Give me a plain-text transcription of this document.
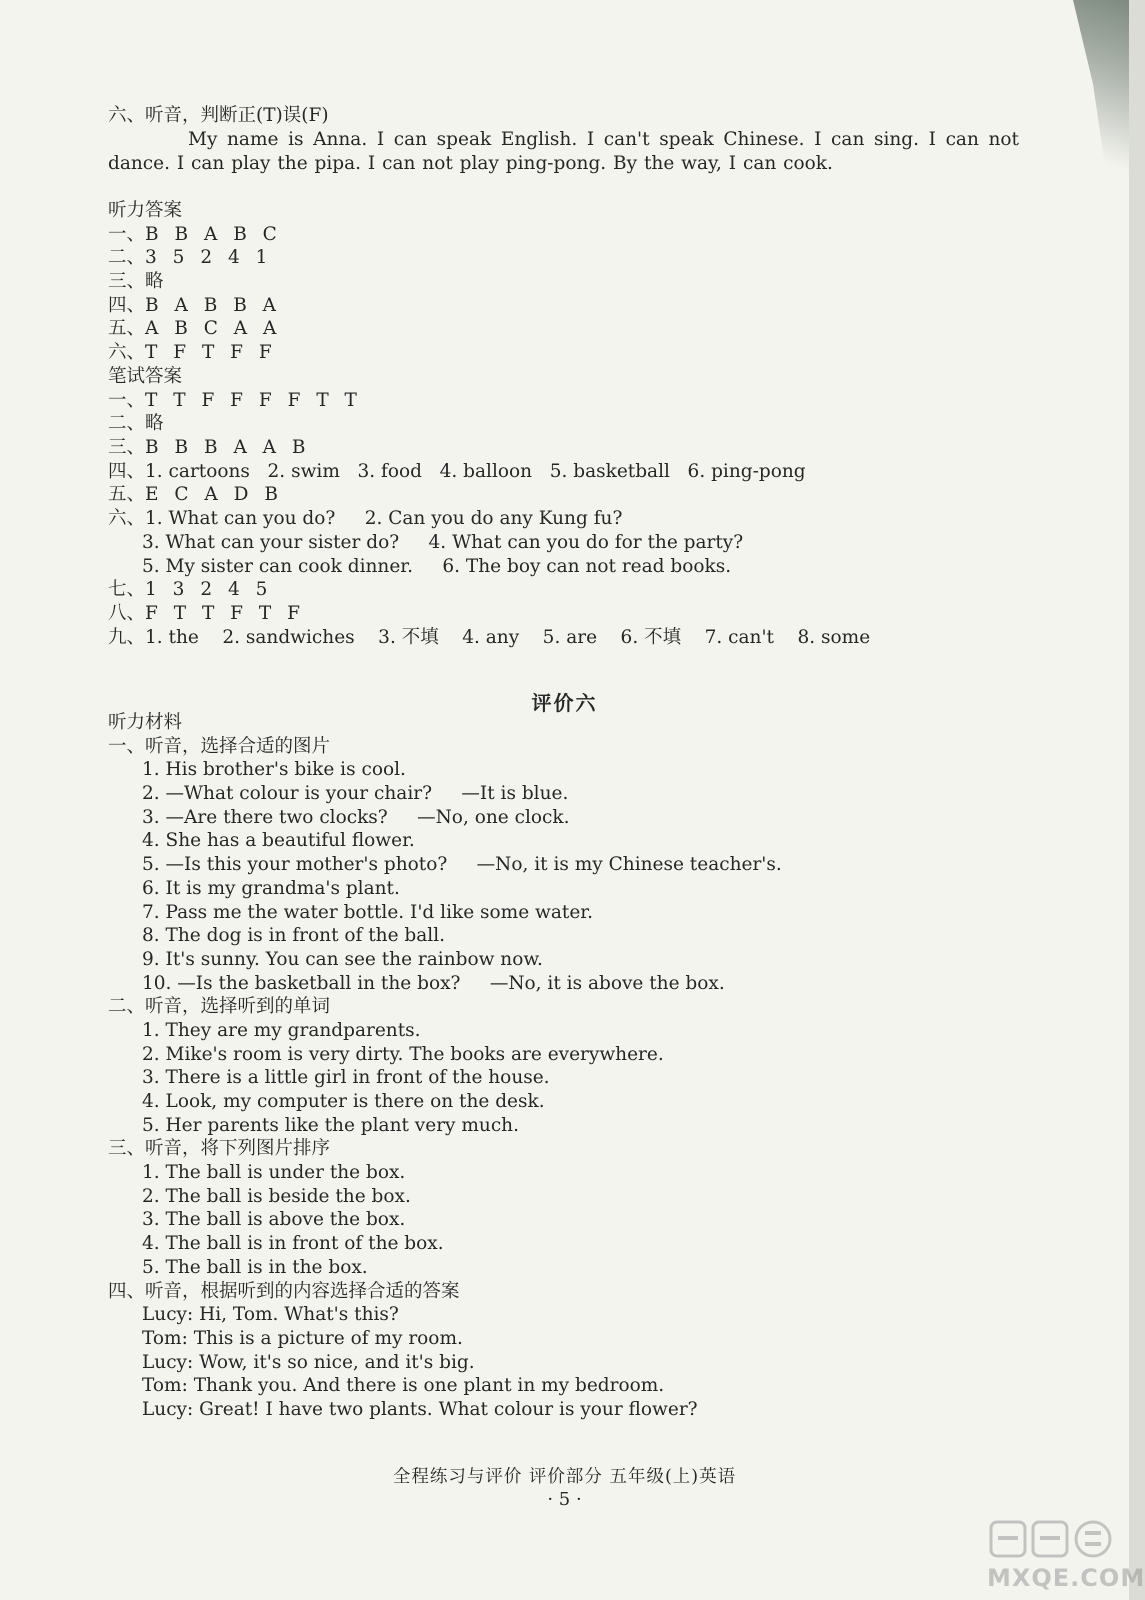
六、听音，判断正(T)误(F)
My name is Anna. I can speak English. I can't speak Chinese. I can sing. I can not dance. I can play the pipa. I can not play ping-pong. By the way, I can cook.
听力答案
一、 B B A B C
二、 3 5 2 4 1
三、 略
四、 B A B B A
五、 A B C A A
六、 T F T F F
笔试答案
一、 T T F F F F T T
二、 略
三、 B B B A A B
四、 1. cartoons   2. swim   3. food   4. balloon   5. basketball   6. ping-pong
五、 E C A D B
六、 1. What can you do?     2. Can you do any Kung fu?
3. What can your sister do?     4. What can you do for the party?
5. My sister can cook dinner.     6. The boy can not read books.
七、 1 3 2 4 5
八、 F T T F T F
九、 1. the    2. sandwiches    3. 不填    4. any    5. are    6. 不填    7. can't    8. some
评价六
听力材料
一、听音，选择合适的图片
1. His brother's bike is cool.
2. —What colour is your chair?     —It is blue.
3. —Are there two clocks?     —No, one clock.
4. She has a beautiful flower.
5. —Is this your mother's photo?     —No, it is my Chinese teacher's.
6. It is my grandma's plant.
7. Pass me the water bottle. I'd like some water.
8. The dog is in front of the ball.
9. It's sunny. You can see the rainbow now.
10. —Is the basketball in the box?     —No, it is above the box.
二、听音，选择听到的单词
1. They are my grandparents.
2. Mike's room is very dirty. The books are everywhere.
3. There is a little girl in front of the house.
4. Look, my computer is there on the desk.
5. Her parents like the plant very much.
三、听音，将下列图片排序
1. The ball is under the box.
2. The ball is beside the box.
3. The ball is above the box.
4. The ball is in front of the box.
5. The ball is in the box.
四、听音，根据听到的内容选择合适的答案
Lucy: Hi, Tom. What's this?
Tom: This is a picture of my room.
Lucy: Wow, it's so nice, and it's big.
Tom: Thank you. And there is one plant in my bedroom.
Lucy: Great! I have two plants. What colour is your flower?
全程练习与评价 评价部分 五年级(上)英语
· 5 ·
MXQE.COM
